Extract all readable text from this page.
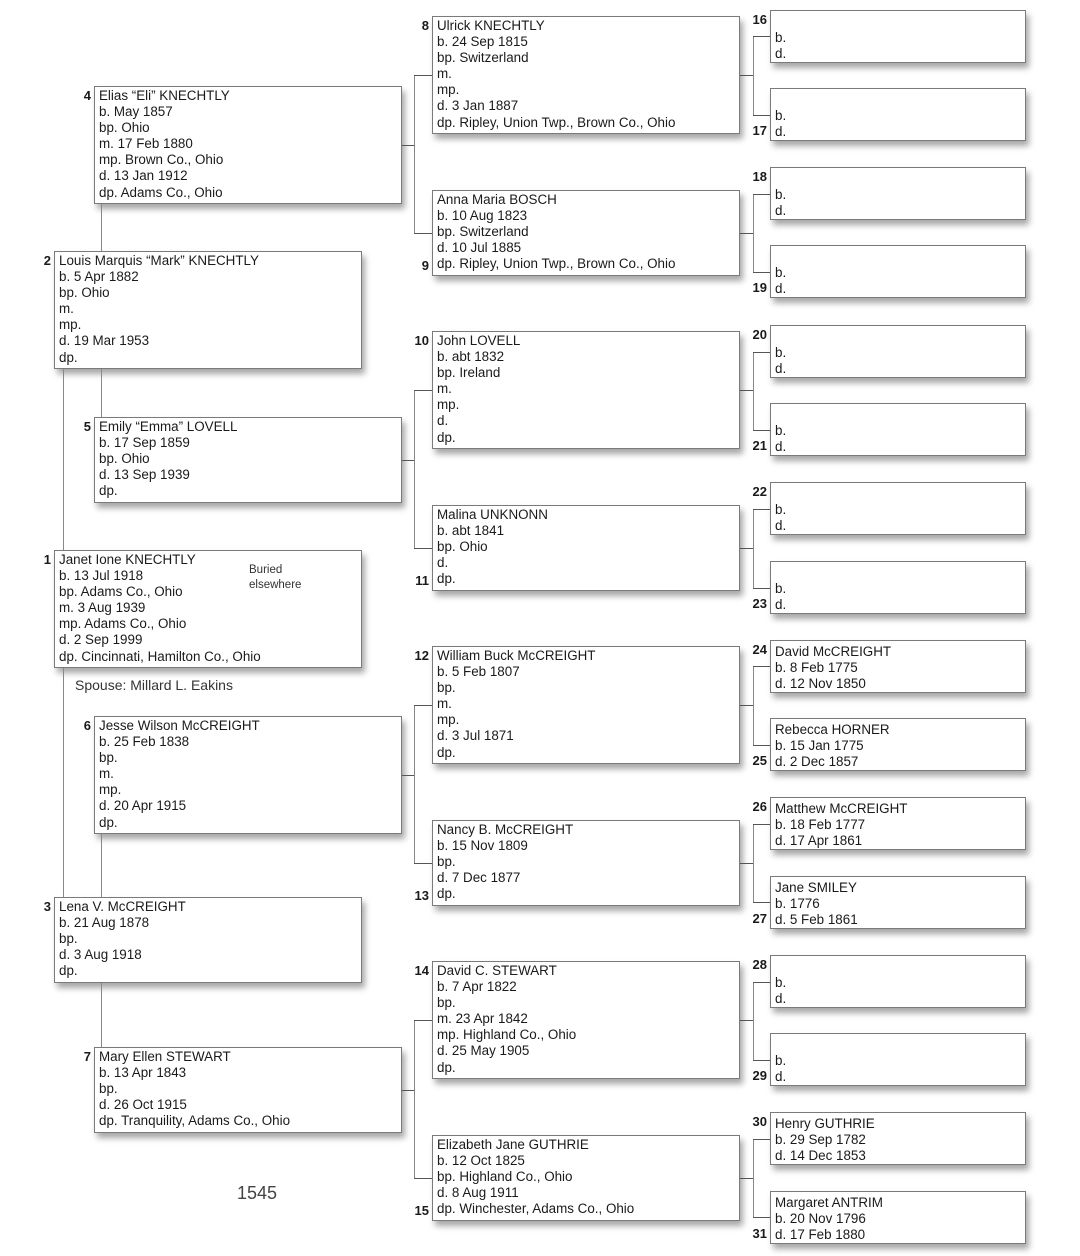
Janet Ione KNECHTLY
b. 13 Jul 1918
bp. Adams Co., Ohio
m. 3 Aug 1939
mp. Adams Co., Ohio
d. 2 Sep 1999
dp. Cincinnati, Hamilton Co., Ohio
1
Buried
elsewhere
Louis Marquis “Mark” KNECHTLY
b. 5 Apr 1882
bp. Ohio
m.
mp.
d. 19 Mar 1953
dp.
2
Lena V. McCREIGHT
b. 21 Aug 1878
bp.
d. 3 Aug 1918
dp.
3
Elias “Eli” KNECHTLY
b. May 1857
bp. Ohio
m. 17 Feb 1880
mp. Brown Co., Ohio
d. 13 Jan 1912
dp. Adams Co., Ohio
4
Emily “Emma” LOVELL
b. 17 Sep 1859
bp. Ohio
d. 13 Sep 1939
dp.
5
Jesse Wilson McCREIGHT
b. 25 Feb 1838
bp.
m.
mp.
d. 20 Apr 1915
dp.
6
Mary Ellen STEWART
b. 13 Apr 1843
bp.
d. 26 Oct 1915
dp. Tranquility, Adams Co., Ohio
7
Ulrick KNECHTLY
b. 24 Sep 1815
bp. Switzerland
m.
mp.
d. 3 Jan 1887
dp. Ripley, Union Twp., Brown Co., Ohio
8
Anna Maria BOSCH
b. 10 Aug 1823
bp. Switzerland
d. 10 Jul 1885
dp. Ripley, Union Twp., Brown Co., Ohio
9
John LOVELL
b. abt 1832
bp. Ireland
m.
mp.
d.
dp.
10
Malina UNKNONN
b. abt 1841
bp. Ohio
d.
dp.
11
William Buck McCREIGHT
b. 5 Feb 1807
bp.
m.
mp.
d. 3 Jul 1871
dp.
12
Nancy B. McCREIGHT
b. 15 Nov 1809
bp.
d. 7 Dec 1877
dp.
13
David C. STEWART
b. 7 Apr 1822
bp.
m. 23 Apr 1842
mp. Highland Co., Ohio
d. 25 May 1905
dp.
14
Elizabeth Jane GUTHRIE
b. 12 Oct 1825
bp. Highland Co., Ohio
d. 8 Aug 1911
dp. Winchester, Adams Co., Ohio
15
b.
d.
16
b.
d.
17
b.
d.
18
b.
d.
19
b.
d.
20
b.
d.
21
b.
d.
22
b.
d.
23
David McCREIGHT
b. 8 Feb 1775
d. 12 Nov 1850
24
Rebecca HORNER
b. 15 Jan 1775
d. 2 Dec 1857
25
Matthew McCREIGHT
b. 18 Feb 1777
d. 17 Apr 1861
26
Jane SMILEY
b. 1776
d. 5 Feb 1861
27
b.
d.
28
b.
d.
29
Henry GUTHRIE
b. 29 Sep 1782
d. 14 Dec 1853
30
Margaret ANTRIM
b. 20 Nov 1796
d. 17 Feb 1880
31
Spouse: Millard L. Eakins
1545
